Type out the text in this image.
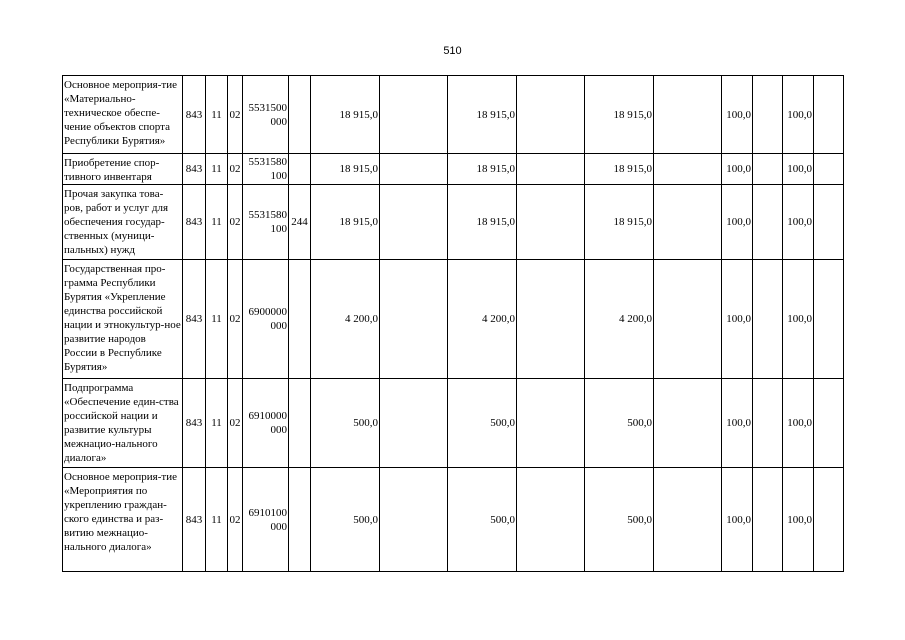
510
Основное мероприя-тие «Материально-техническое обеспе-чение объектов спорта Республики Бурятия»	843	11	02	5531500000		18 915,0		18 915,0		18 915,0		100,0		100,0	
Приобретение спор-тивного инвентаря	843	11	02	5531580100		18 915,0		18 915,0		18 915,0		100,0		100,0	
Прочая закупка това-ров, работ и услуг для обеспечения государ-ственных (муници-пальных) нужд	843	11	02	5531580100	244	18 915,0		18 915,0		18 915,0		100,0		100,0	
Государственная про-грамма Республики Бурятия «Укрепление единства российской нации и этнокультур-ное развитие народов России в Республике Бурятия»	843	11	02	6900000000		4 200,0		4 200,0		4 200,0		100,0		100,0	
Подпрограмма «Обеспечение един-ства российской нации и развитие культуры межнацио-нального диалога»	843	11	02	6910000000		500,0		500,0		500,0		100,0		100,0	
Основное мероприя-тие «Мероприятия по укреплению граждан-ского единства и раз-витию межнацио-нального диалога»	843	11	02	6910100000		500,0		500,0		500,0		100,0		100,0	
